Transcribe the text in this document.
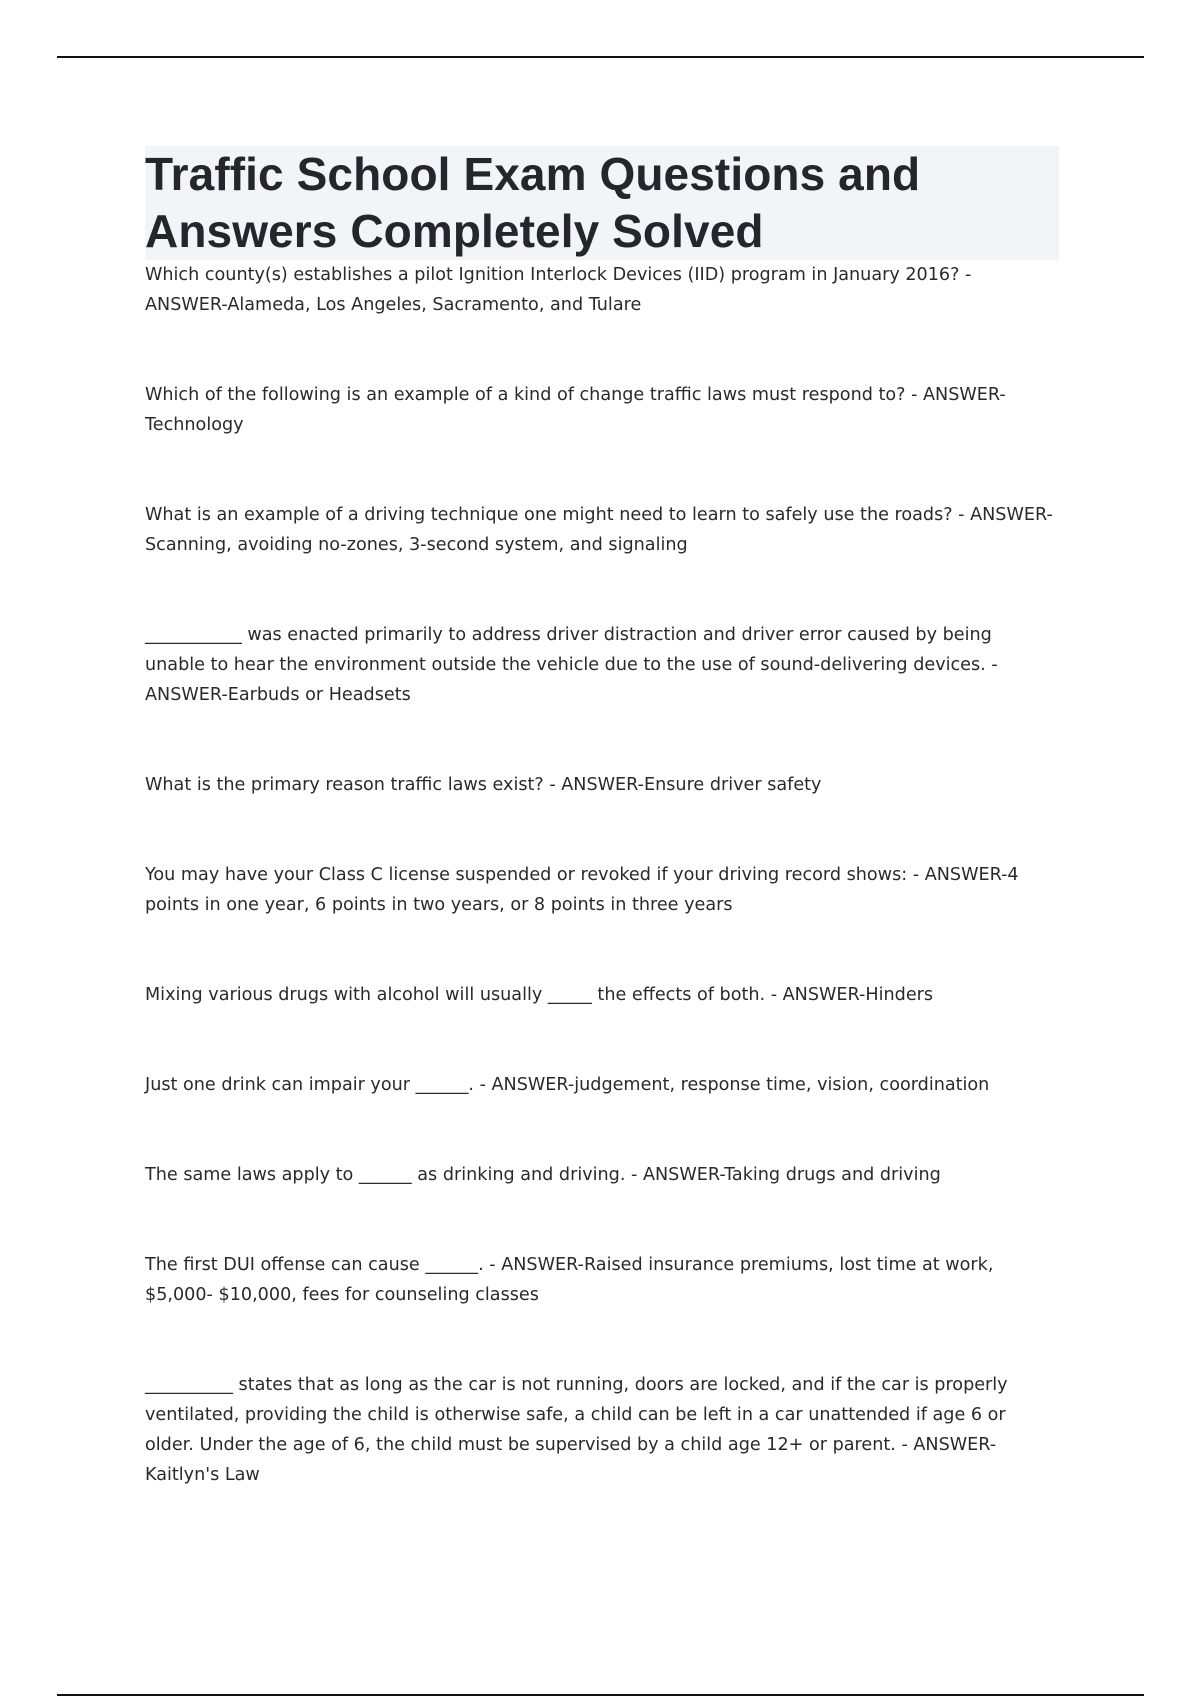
Traffic School Exam Questions and Answers Completely Solved
Which county(s) establishes a pilot Ignition Interlock Devices (IID) program in January 2016? - ANSWER-Alameda, Los Angeles, Sacramento, and Tulare
Which of the following is an example of a kind of change traffic laws must respond to? - ANSWER-Technology
What is an example of a driving technique one might need to learn to safely use the roads? - ANSWER-Scanning, avoiding no-zones, 3-second system, and signaling
___________ was enacted primarily to address driver distraction and driver error caused by being unable to hear the environment outside the vehicle due to the use of sound-delivering devices. - ANSWER-Earbuds or Headsets
What is the primary reason traffic laws exist? - ANSWER-Ensure driver safety
You may have your Class C license suspended or revoked if your driving record shows: - ANSWER-4 points in one year, 6 points in two years, or 8 points in three years
Mixing various drugs with alcohol will usually _____ the effects of both. - ANSWER-Hinders
Just one drink can impair your ______. - ANSWER-judgement, response time, vision, coordination
The same laws apply to ______ as drinking and driving. - ANSWER-Taking drugs and driving
The first DUI offense can cause ______. - ANSWER-Raised insurance premiums, lost time at work, $5,000- $10,000, fees for counseling classes
__________ states that as long as the car is not running, doors are locked, and if the car is properly ventilated, providing the child is otherwise safe, a child can be left in a car unattended if age 6 or older. Under the age of 6, the child must be supervised by a child age 12+ or parent. - ANSWER-Kaitlyn's Law
